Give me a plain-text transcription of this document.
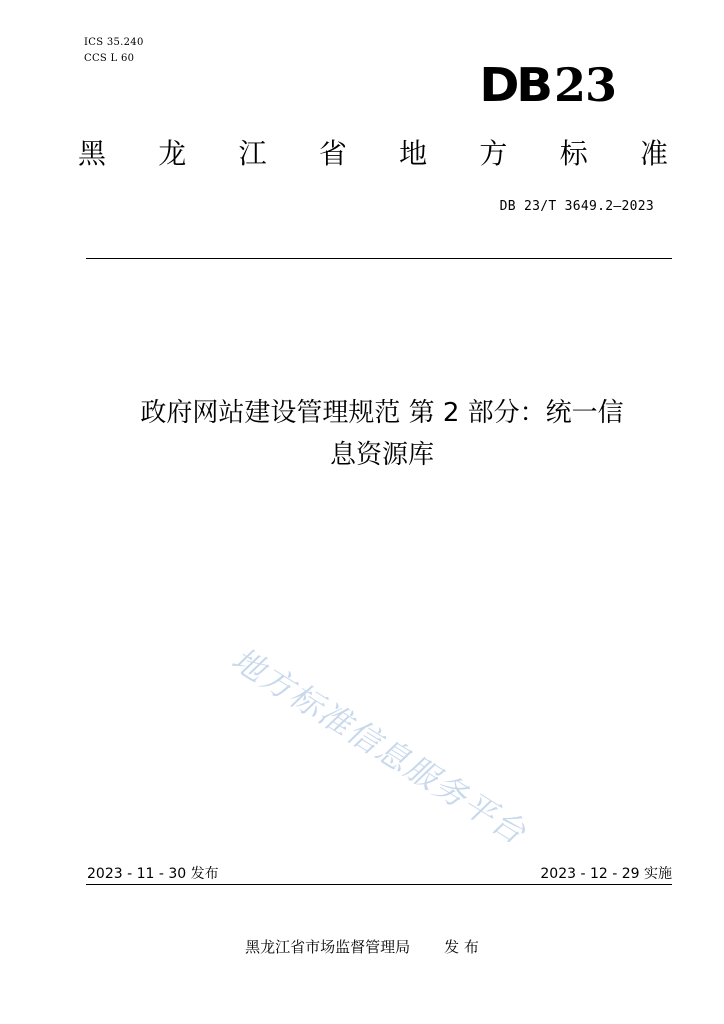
ICS 35.240
CCS L 60	DB23
黑 龙 江 省 地 方 标 准
DB 23/T 3649.2—2023
政府网站建设管理规范 第 2 部分：统一信
息资源库
地方标准信息服务平台
2023 - 11 - 30 发布	2023 - 12 - 29 实施
黑龙江省市场监督管理局 发 布
